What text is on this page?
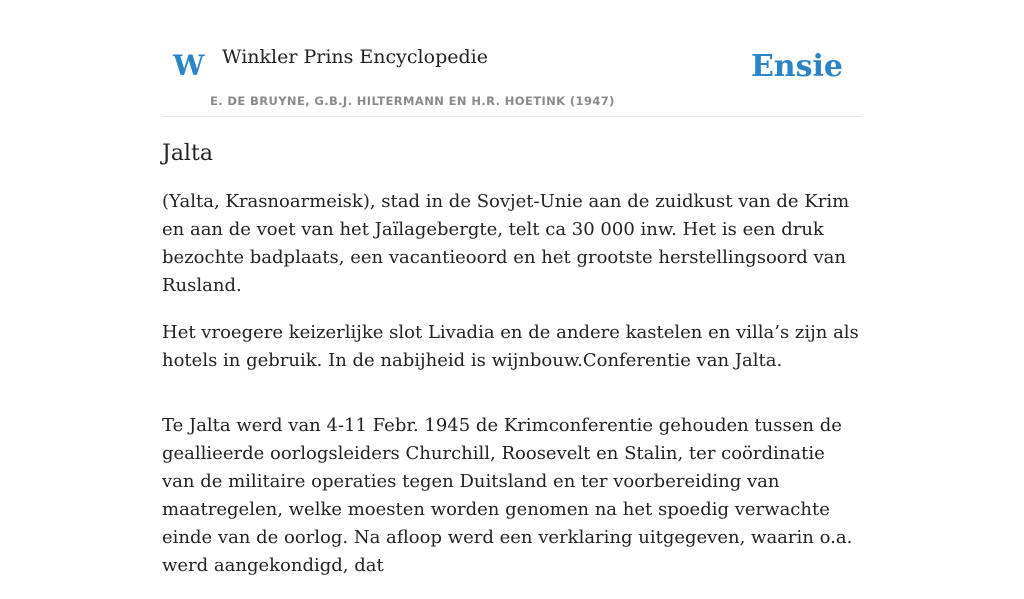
W Winkler Prins Encyclopedie
E. DE BRUYNE, G.B.J. HILTERMANN EN H.R. HOETINK (1947)
Ensie
Jalta

(Yalta, Krasnoarmeisk), stad in de Sovjet-Unie aan de zuidkust van de Krim en aan de voet van het Jaïlagebergte, telt ca 30 000 inw. Het is een druk bezochte badplaats, een vacantieoord en het grootste herstellingsoord van Rusland.

Het vroegere keizerlijke slot Livadia en de andere kastelen en villa’s zijn als hotels in gebruik. In de nabijheid is wijnbouw.Conferentie van Jalta.

Te Jalta werd van 4-11 Febr. 1945 de Krimconferentie gehouden tussen de geallieerde oorlogsleiders Churchill, Roosevelt en Stalin, ter coördinatie van de militaire operaties tegen Duitsland en ter voorbereiding van maatregelen, welke moesten worden genomen na het spoedig verwachte einde van de oorlog. Na afloop werd een verklaring uitgegeven, waarin o.a. werd aangekondigd, dat
